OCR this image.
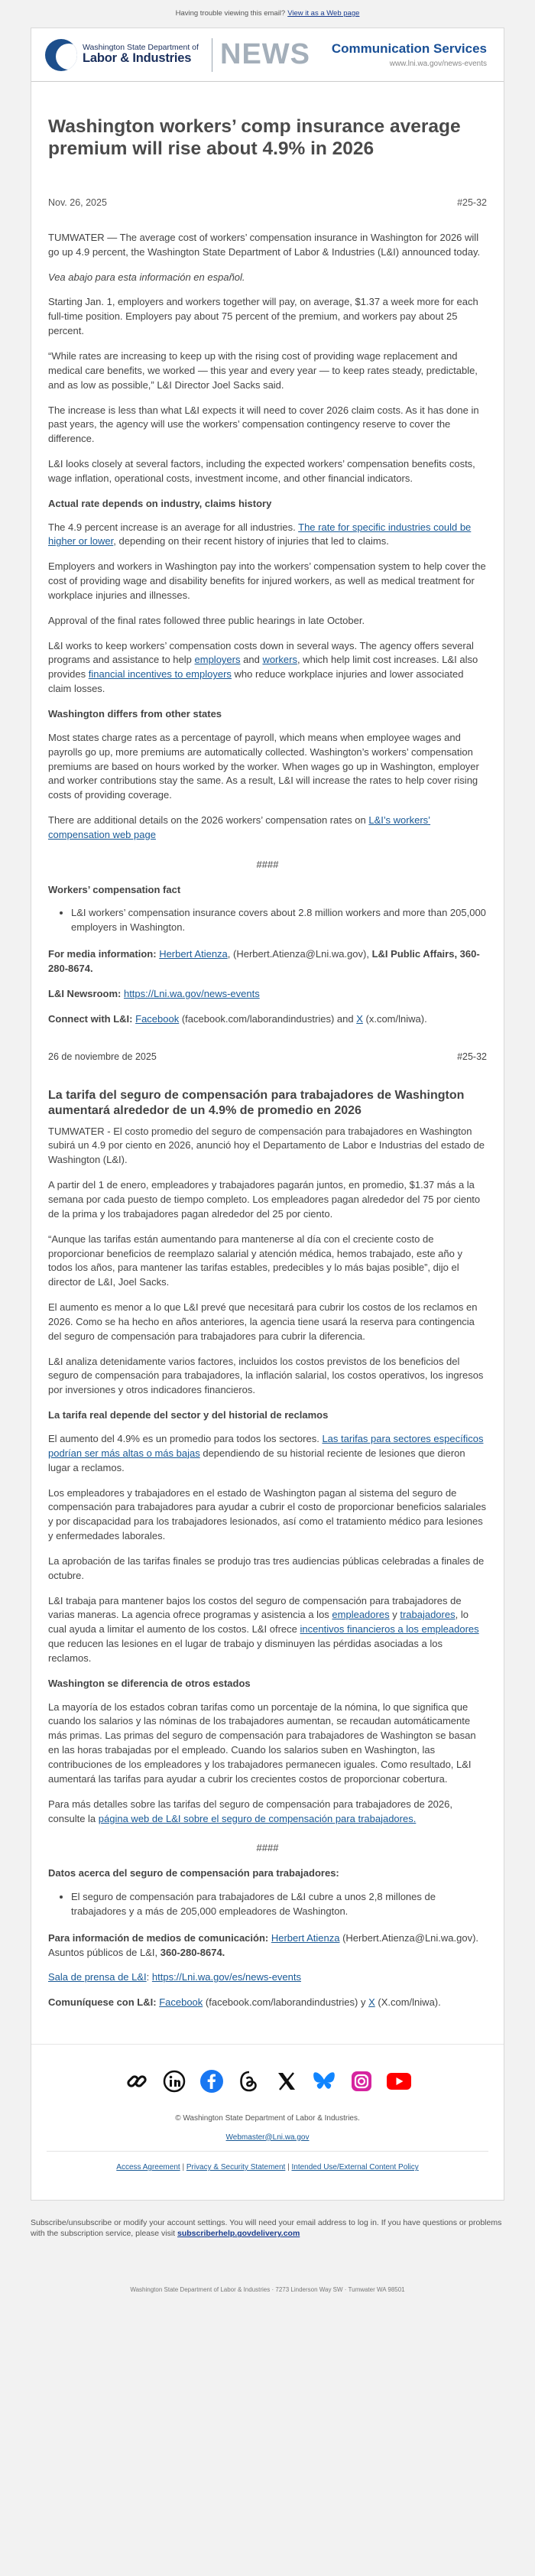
Having trouble viewing this email? View it as a Web page
Washington State Department of
Labor & Industries NEWS Communication Services
www.lni.wa.gov/news-events
Washington workers’ comp insurance average premium will rise about 4.9% in 2026
Nov. 26, 2025	#25-32

TUMWATER — The average cost of workers’ compensation insurance in Washington for 2026 will go up 4.9 percent, the Washington State Department of Labor & Industries (L&I) announced today.

Vea abajo para esta información en español.

Starting Jan. 1, employers and workers together will pay, on average, $1.37 a week more for each full-time position. Employers pay about 75 percent of the premium, and workers pay about 25 percent.

“While rates are increasing to keep up with the rising cost of providing wage replacement and medical care benefits, we worked — this year and every year — to keep rates steady, predictable, and as low as possible,” L&I Director Joel Sacks said.

The increase is less than what L&I expects it will need to cover 2026 claim costs. As it has done in past years, the agency will use the workers’ compensation contingency reserve to cover the difference.

L&I looks closely at several factors, including the expected workers’ compensation benefits costs, wage inflation, operational costs, investment income, and other financial indicators.

Actual rate depends on industry, claims history

The 4.9 percent increase is an average for all industries. The rate for specific industries could be higher or lower, depending on their recent history of injuries that led to claims.

Employers and workers in Washington pay into the workers’ compensation system to help cover the cost of providing wage and disability benefits for injured workers, as well as medical treatment for workplace injuries and illnesses.

Approval of the final rates followed three public hearings in late October.

L&I works to keep workers’ compensation costs down in several ways. The agency offers several programs and assistance to help employers and workers, which help limit cost increases. L&I also provides financial incentives to employers who reduce workplace injuries and lower associated claim losses.

Washington differs from other states

Most states charge rates as a percentage of payroll, which means when employee wages and payrolls go up, more premiums are automatically collected. Washington’s workers’ compensation premiums are based on hours worked by the worker. When wages go up in Washington, employer and worker contributions stay the same. As a result, L&I will increase the rates to help cover rising costs of providing coverage.

There are additional details on the 2026 workers’ compensation rates on L&I’s workers’ compensation web page

####
Workers’ compensation fact
• L&I workers’ compensation insurance covers about 2.8 million workers and more than 205,000 employers in Washington.

For media information: Herbert Atienza, (Herbert.Atienza@Lni.wa.gov), L&I Public Affairs, 360-280-8674.

L&I Newsroom: https://Lni.wa.gov/news-events

Connect with L&I: Facebook (facebook.com/laborandindustries) and X (x.com/lniwa).

26 de noviembre de 2025	#25-32
La tarifa del seguro de compensación para trabajadores de Washington aumentará alrededor de un 4.9% de promedio en 2026

TUMWATER - El costo promedio del seguro de compensación para trabajadores en Washington subirá un 4.9 por ciento en 2026, anunció hoy el Departamento de Labor e Industrias del estado de Washington (L&I).

A partir del 1 de enero, empleadores y trabajadores pagarán juntos, en promedio, $1.37 más a la semana por cada puesto de tiempo completo. Los empleadores pagan alrededor del 75 por ciento de la prima y los trabajadores pagan alrededor del 25 por ciento.

“Aunque las tarifas están aumentando para mantenerse al día con el creciente costo de proporcionar beneficios de reemplazo salarial y atención médica, hemos trabajado, este año y todos los años, para mantener las tarifas estables, predecibles y lo más bajas posible”, dijo el director de L&I, Joel Sacks.

El aumento es menor a lo que L&I prevé que necesitará para cubrir los costos de los reclamos en 2026. Como se ha hecho en años anteriores, la agencia tiene usará la reserva para contingencia del seguro de compensación para trabajadores para cubrir la diferencia.

L&I analiza detenidamente varios factores, incluidos los costos previstos de los beneficios del seguro de compensación para trabajadores, la inflación salarial, los costos operativos, los ingresos por inversiones y otros indicadores financieros.

La tarifa real depende del sector y del historial de reclamos

El aumento del 4.9% es un promedio para todos los sectores. Las tarifas para sectores específicos podrían ser más altas o más bajas dependiendo de su historial reciente de lesiones que dieron lugar a reclamos.

Los empleadores y trabajadores en el estado de Washington pagan al sistema del seguro de compensación para trabajadores para ayudar a cubrir el costo de proporcionar beneficios salariales y por discapacidad para los trabajadores lesionados, así como el tratamiento médico para lesiones y enfermedades laborales.

La aprobación de las tarifas finales se produjo tras tres audiencias públicas celebradas a finales de octubre.

L&I trabaja para mantener bajos los costos del seguro de compensación para trabajadores de varias maneras. La agencia ofrece programas y asistencia a los empleadores y trabajadores, lo cual ayuda a limitar el aumento de los costos. L&I ofrece incentivos financieros a los empleadores que reducen las lesiones en el lugar de trabajo y disminuyen las pérdidas asociadas a los reclamos.

Washington se diferencia de otros estados

La mayoría de los estados cobran tarifas como un porcentaje de la nómina, lo que significa que cuando los salarios y las nóminas de los trabajadores aumentan, se recaudan automáticamente más primas. Las primas del seguro de compensación para trabajadores de Washington se basan en las horas trabajadas por el empleado. Cuando los salarios suben en Washington, las contribuciones de los empleadores y los trabajadores permanecen iguales. Como resultado, L&I aumentará las tarifas para ayudar a cubrir los crecientes costos de proporcionar cobertura.

Para más detalles sobre las tarifas del seguro de compensación para trabajadores de 2026, consulte la página web de L&I sobre el seguro de compensación para trabajadores.

####
Datos acerca del seguro de compensación para trabajadores:
• El seguro de compensación para trabajadores de L&I cubre a unos 2,8 millones de trabajadores y a más de 205,000 empleadores de Washington.

Para información de medios de comunicación: Herbert Atienza (Herbert.Atienza@Lni.wa.gov). Asuntos públicos de L&I, 360-280-8674.

Sala de prensa de L&I: https://Lni.wa.gov/es/news-events

Comuníquese con L&I: Facebook (facebook.com/laborandindustries) y X (X.com/lniwa).

© Washington State Department of Labor & Industries.

Webmaster@Lni.wa.gov

Access Agreement | Privacy & Security Statement | Intended Use/External Content Policy

Subscribe/unsubscribe or modify your account settings. You will need your email address to log in. If you have questions or problems with the subscription service, please visit subscriberhelp.govdelivery.com
Washington State Department of Labor & Industries · 7273 Linderson Way SW · Tumwater WA 98501
